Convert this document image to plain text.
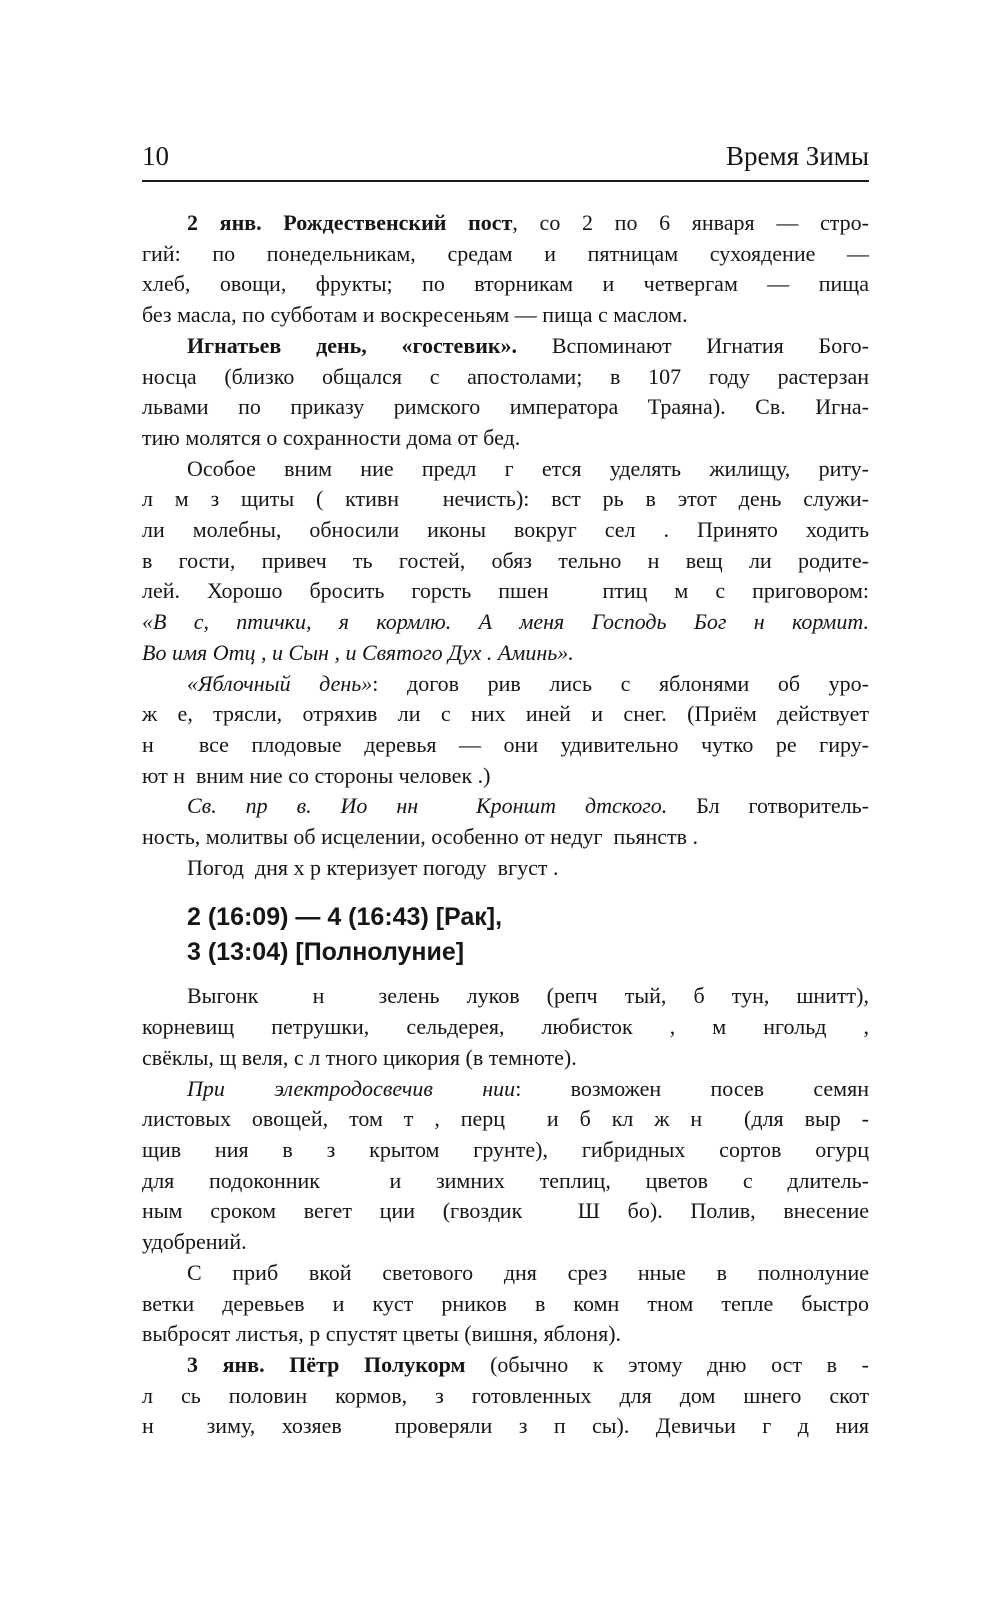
10	Время Зимы
2 янв. Рождественский пост, со 2 по 6 января — стро-
гий: по понедельникам, средам и пятницам сухоядение —
хлеб, овощи, фрукты; по вторникам и четвергам — пища
без масла, по субботам и воскресеньям — пища с маслом.
Игнатьев день, «гостевик». Вспоминают Игнатия Бого-
носца (близко общался с апостолами; в 107 году растерзан
львами по приказу римского императора Траяна). Св. Игна-
тию молятся о сохранности дома от бед.
Особое вним ние предл г ется уделять жилищу, риту-
л м з щиты ( ктивн  нечисть): вст рь в этот день служи-
ли молебны, обносили иконы вокруг сел . Принято ходить
в гости, привеч ть гостей, обяз тельно н вещ ли родите-
лей. Хорошо бросить горсть пшен  птиц м с приговором:
«В с, птички, я кормлю. А меня Господь Бог н кормит.
Во имя Отц , и Сын , и Святого Дух . Аминь».
«Яблочный день»: догов рив лись с яблонями об уро-
ж е, трясли, отряхив ли с них иней и снег. (Приём действует
н  все плодовые деревья — они удивительно чутко ре гиру-
ют н  вним ние со стороны человек .)
Св. пр в. Ио нн  Кроншт дтского. Бл готворитель-
ность, молитвы об исцелении, особенно от недуг  пьянств .
Погод  дня х р ктеризует погоду  вгуст .
2 (16:09) — 4 (16:43) [Рак],
3 (13:04) [Полнолуние]
Выгонк  н  зелень луков (репч тый, б тун, шнитт),
корневищ петрушки, сельдерея, любисток , м нгольд ,
свёклы, щ веля, с л тного цикория (в темноте).
При электродосвечив нии: возможен посев семян
листовых овощей, том т , перц  и б кл ж н  (для выр -
щив ния в з крытом грунте), гибридных сортов огурц
для подоконник  и зимних теплиц, цветов с длитель-
ным сроком вегет ции (гвоздик  Ш бо). Полив, внесение
удобрений.
С приб вкой светового дня срез нные в полнолуние
ветки деревьев и куст рников в комн тном тепле быстро
выбросят листья, р спустят цветы (вишня, яблоня).
3 янв. Пётр Полукорм (обычно к этому дню ост в -
л сь половин кормов, з готовленных для дом шнего скот
н  зиму, хозяев  проверяли з п сы). Девичьи г д ния
